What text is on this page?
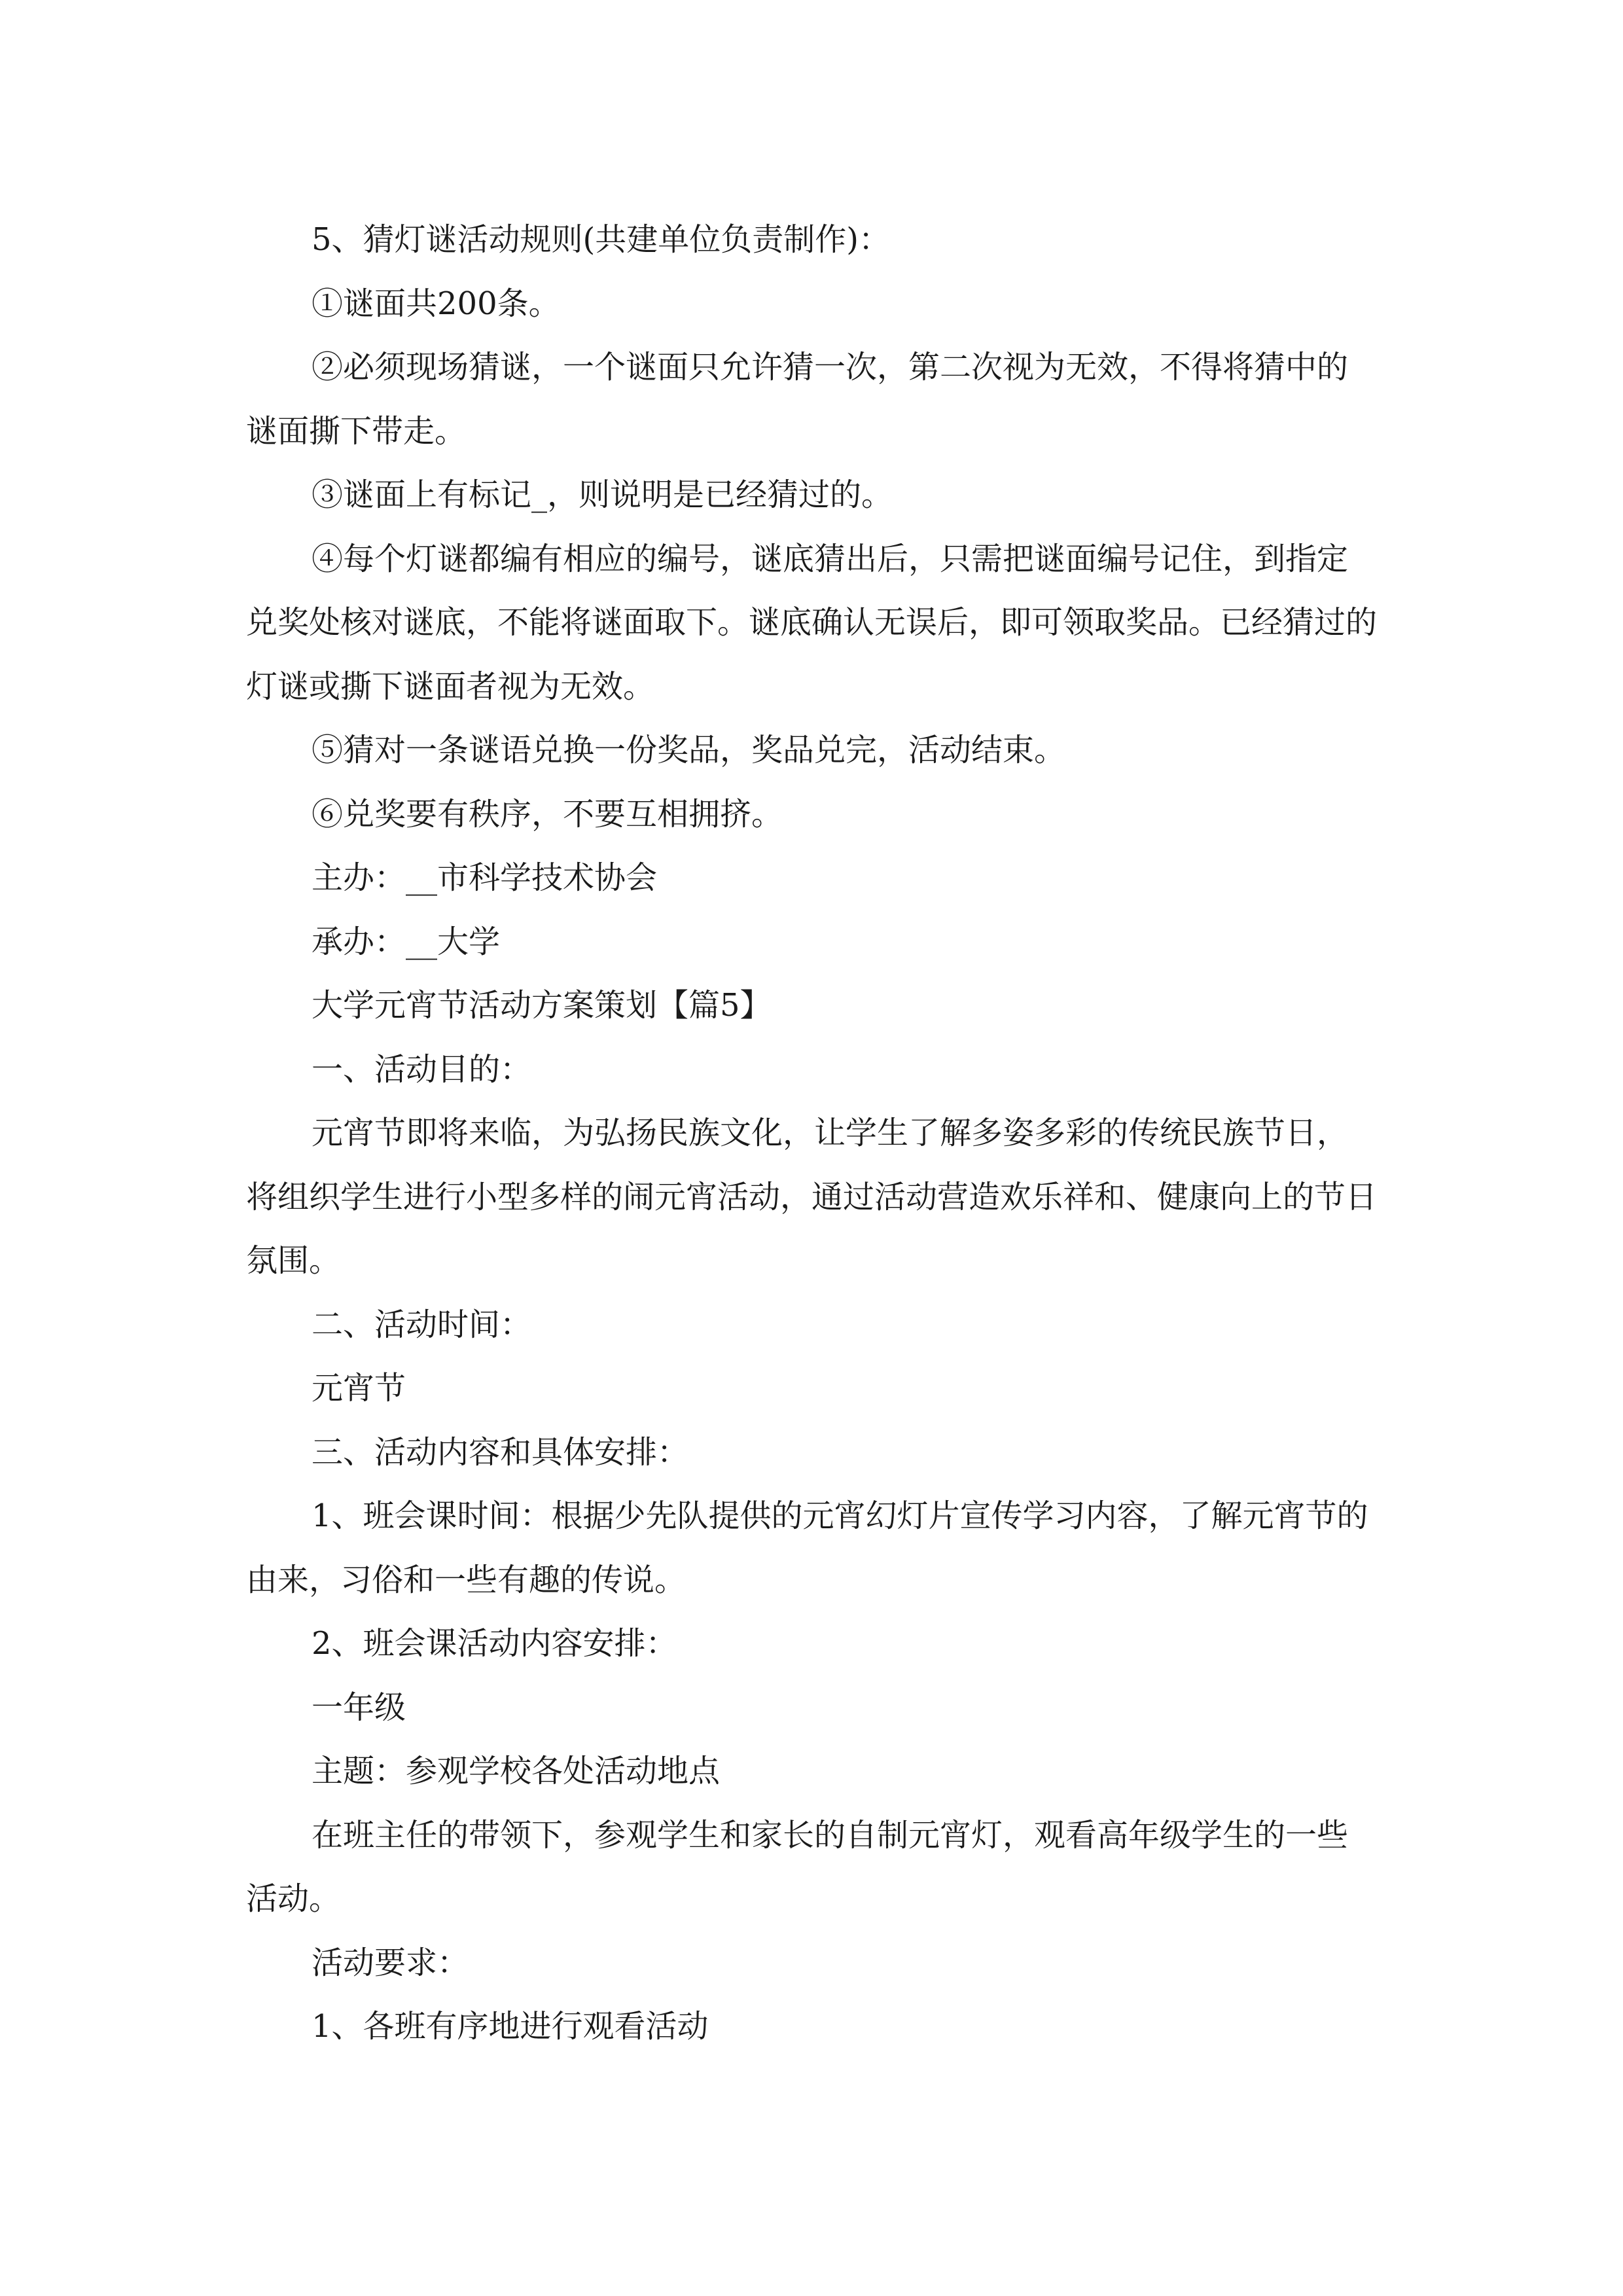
5、猜灯谜活动规则(共建单位负责制作)：

①谜面共200条。

②必须现场猜谜，一个谜面只允许猜一次，第二次视为无效，不得将猜中的谜面撕下带走。

③谜面上有标记_，则说明是已经猜过的。

④每个灯谜都编有相应的编号，谜底猜出后，只需把谜面编号记住，到指定兑奖处核对谜底，不能将谜面取下。谜底确认无误后，即可领取奖品。已经猜过的灯谜或撕下谜面者视为无效。

⑤猜对一条谜语兑换一份奖品，奖品兑完，活动结束。

⑥兑奖要有秩序，不要互相拥挤。

主办：__市科学技术协会

承办：__大学

大学元宵节活动方案策划【篇5】

一、活动目的：

元宵节即将来临，为弘扬民族文化，让学生了解多姿多彩的传统民族节日，将组织学生进行小型多样的闹元宵活动，通过活动营造欢乐祥和、健康向上的节日氛围。

二、活动时间：

元宵节

三、活动内容和具体安排：

1、班会课时间：根据少先队提供的元宵幻灯片宣传学习内容，了解元宵节的由来，习俗和一些有趣的传说。

2、班会课活动内容安排：

一年级

主题：参观学校各处活动地点

在班主任的带领下，参观学生和家长的自制元宵灯，观看高年级学生的一些活动。

活动要求：

1、各班有序地进行观看活动
